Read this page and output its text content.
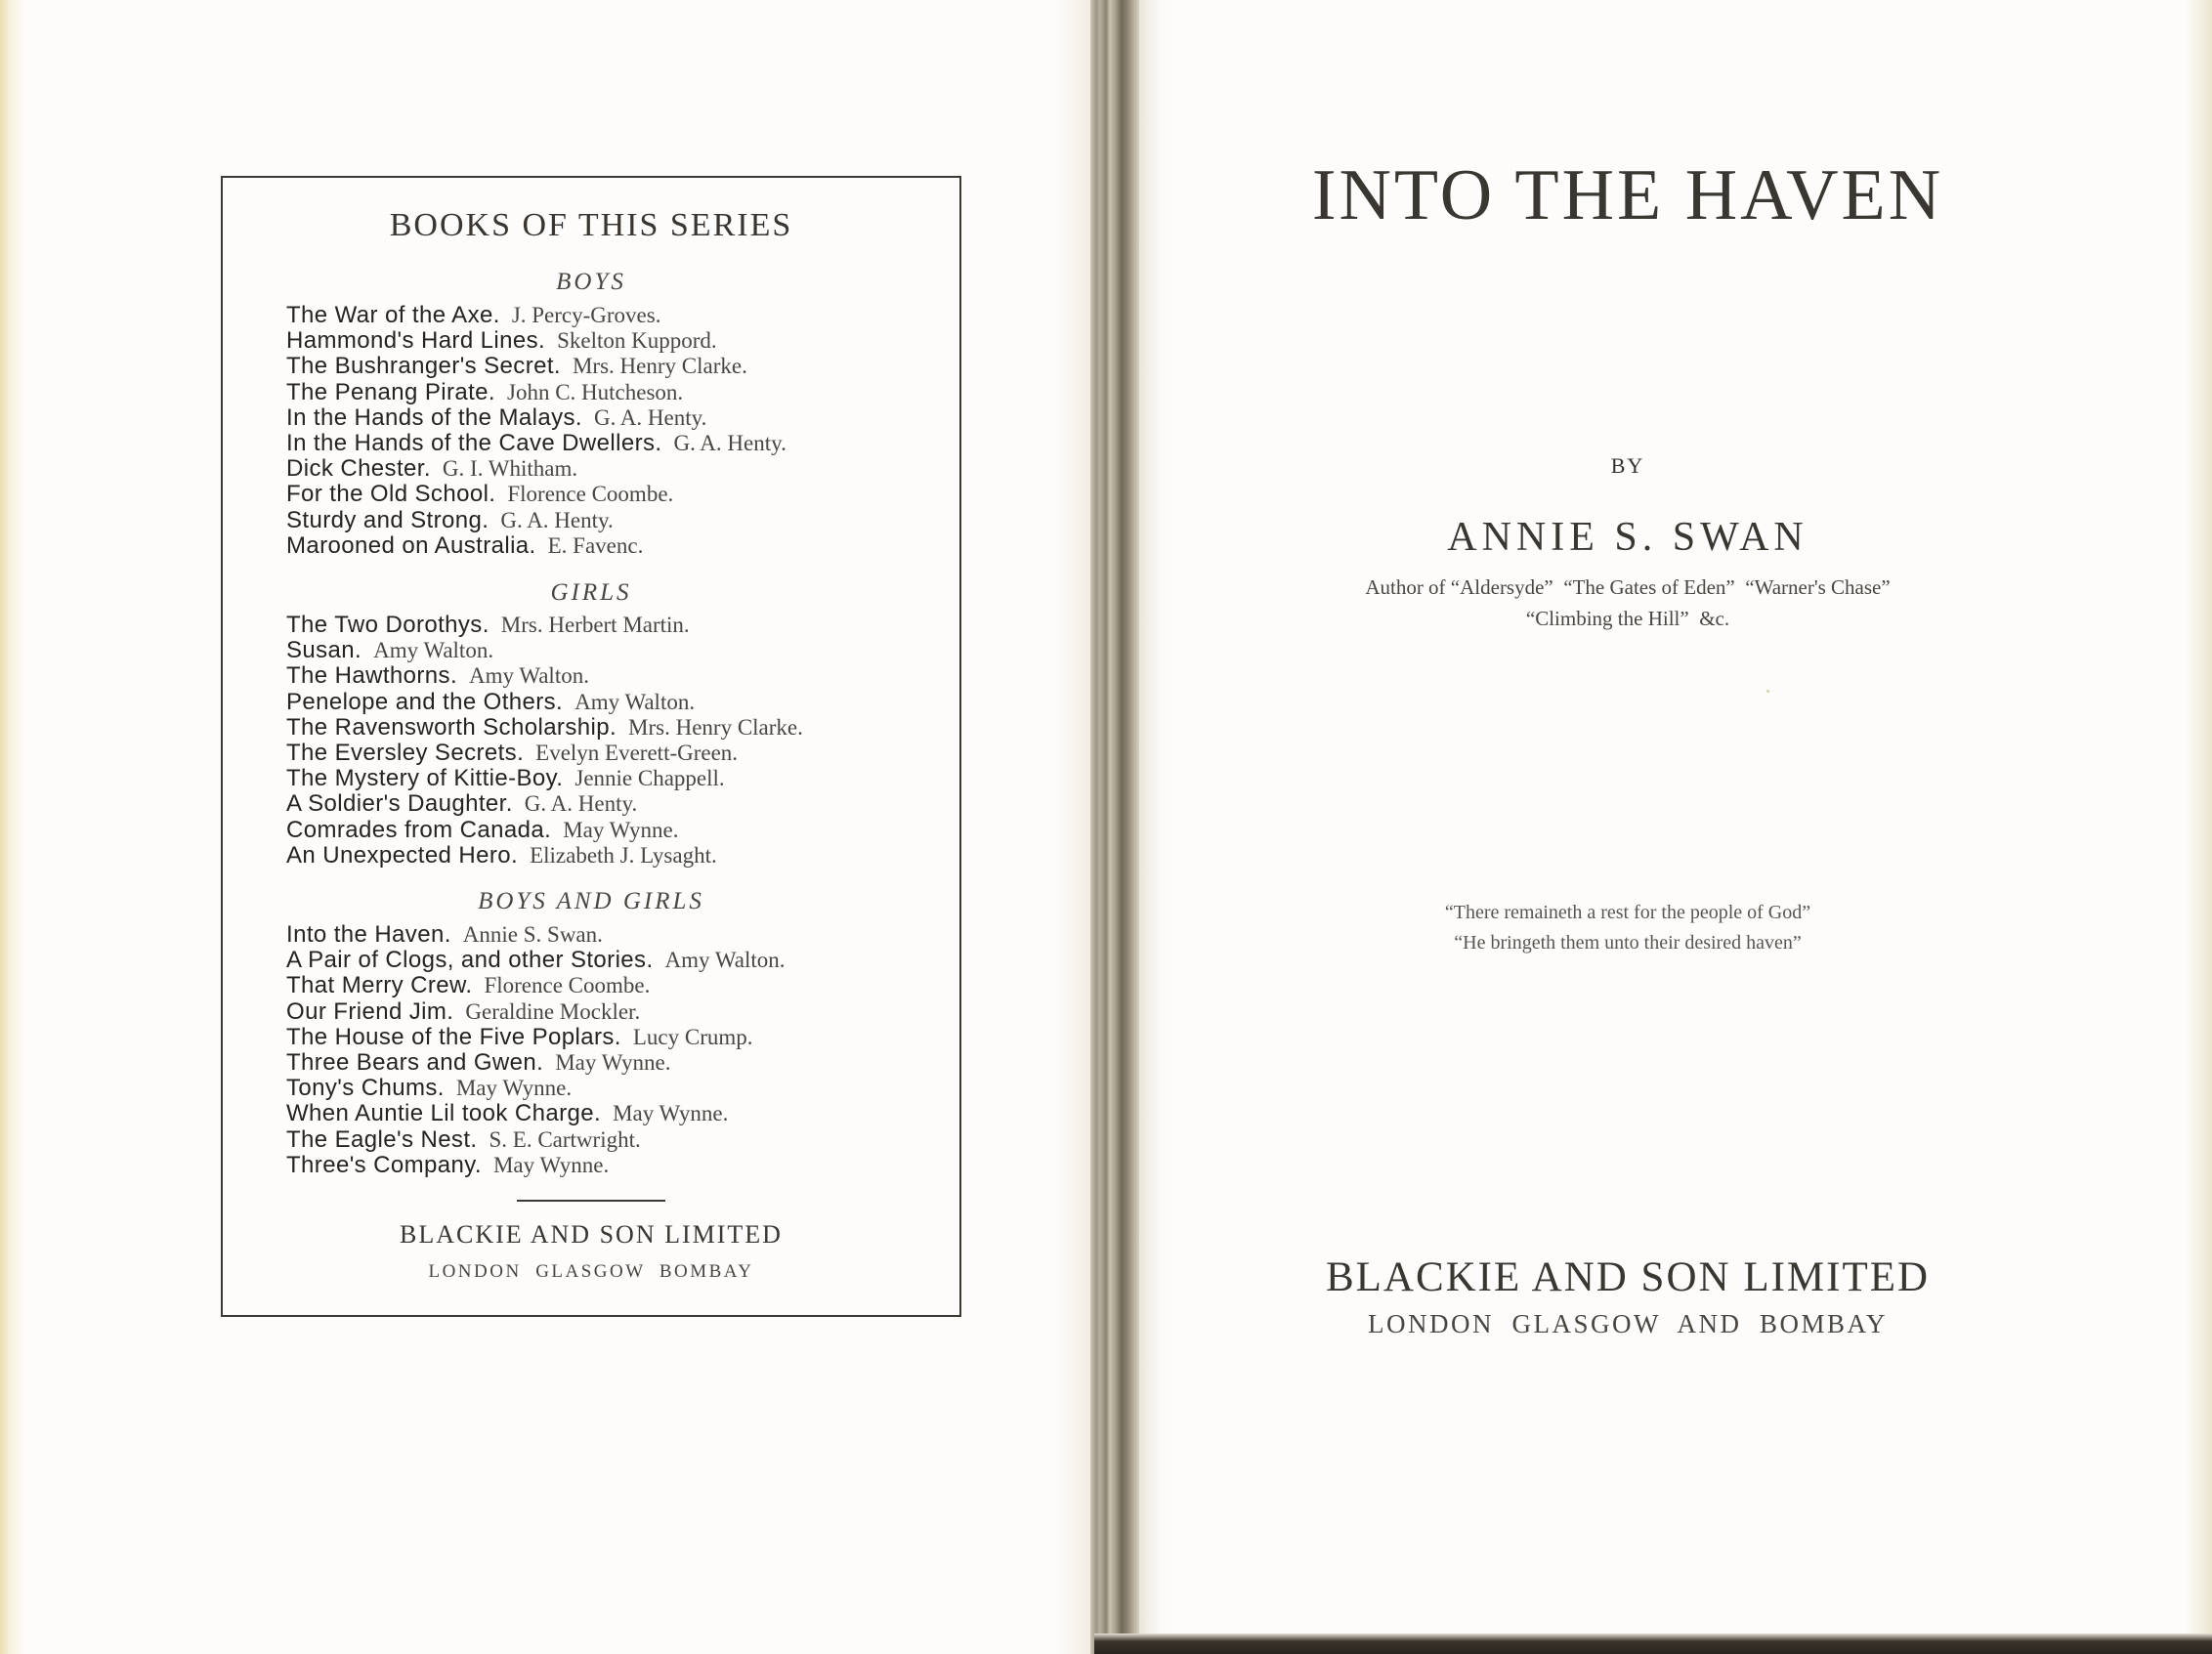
BOOKS OF THIS SERIES
BOYS
The War of the Axe. J. Percy-Groves.
Hammond's Hard Lines. Skelton Kuppord.
The Bushranger's Secret. Mrs. Henry Clarke.
The Penang Pirate. John C. Hutcheson.
In the Hands of the Malays. G. A. Henty.
In the Hands of the Cave Dwellers. G. A. Henty.
Dick Chester. G. I. Whitham.
For the Old School. Florence Coombe.
Sturdy and Strong. G. A. Henty.
Marooned on Australia. E. Favenc.
GIRLS
The Two Dorothys. Mrs. Herbert Martin.
Susan. Amy Walton.
The Hawthorns. Amy Walton.
Penelope and the Others. Amy Walton.
The Ravensworth Scholarship. Mrs. Henry Clarke.
The Eversley Secrets. Evelyn Everett-Green.
The Mystery of Kittie-Boy. Jennie Chappell.
A Soldier's Daughter. G. A. Henty.
Comrades from Canada. May Wynne.
An Unexpected Hero. Elizabeth J. Lysaght.
BOYS AND GIRLS
Into the Haven. Annie S. Swan.
A Pair of Clogs, and other Stories. Amy Walton.
That Merry Crew. Florence Coombe.
Our Friend Jim. Geraldine Mockler.
The House of the Five Poplars. Lucy Crump.
Three Bears and Gwen. May Wynne.
Tony's Chums. May Wynne.
When Auntie Lil took Charge. May Wynne.
The Eagle's Nest. S. E. Cartwright.
Three's Company. May Wynne.
BLACKIE AND SON LIMITED
LONDON  GLASGOW  BOMBAY
INTO THE HAVEN
BY
ANNIE S. SWAN
Author of “Aldersyde”  “The Gates of Eden”  “Warner's Chase”
“Climbing the Hill”  &c.
“There remaineth a rest for the people of God”
“He bringeth them unto their desired haven”
BLACKIE AND SON LIMITED
LONDON  GLASGOW  AND  BOMBAY
